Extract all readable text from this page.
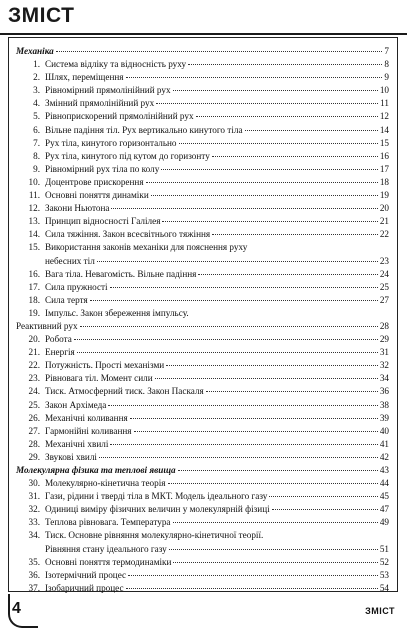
ЗМІСТ
Механіка	7
1. Система відліку та відносність руху	8
2. Шлях, переміщення	9
3. Рівномірний прямолінійний рух	10
4. Змінний прямолінійний рух	11
5. Рівноприскорений прямолінійний рух	12
6. Вільне падіння тіл. Рух вертикально кинутого тіла	14
7. Рух тіла, кинутого горизонтально	15
8. Рух тіла, кинутого під кутом до горизонту	16
9. Рівномірний рух тіла по колу	17
10. Доцентрове прискорення	18
11. Основні поняття динаміки	19
12. Закони Ньютона	20
13. Принцип відносності Галілея	21
14. Сила тяжіння. Закон всесвітнього тяжіння	22
15. Використання законів механіки для пояснення руху
небесних тіл	23
16. Вага тіла. Невагомість. Вільне падіння	24
17. Сила пружності	25
18. Сила тертя	27
19. Імпульс. Закон збереження імпульсу.
Реактивний рух	28
20. Робота	29
21. Енергія	31
22. Потужність. Прості механізми	32
23. Рівновага тіл. Момент сили	34
24. Тиск. Атмосферний тиск. Закон Паскаля	36
25. Закон Архімеда	38
26. Механічні коливання	39
27. Гармонійні коливання	40
28. Механічні хвилі	41
29. Звукові хвилі	42
Молекулярна фізика та теплові явища	43
30. Молекулярно-кінетична теорія	44
31. Гази, рідини і тверді тіла в МКТ. Модель ідеального газу	45
32. Одиниці виміру фізичних величин у молекулярній фізиці	47
33. Теплова рівновага. Температура	49
34. Тиск. Основне рівняння молекулярно-кінетичної теорії.
Рівняння стану ідеального газу	51
35. Основні поняття термодинаміки	52
36. Ізотермічний процес	53
37. Ізобаричний процес	54
4	ЗМІСТ
